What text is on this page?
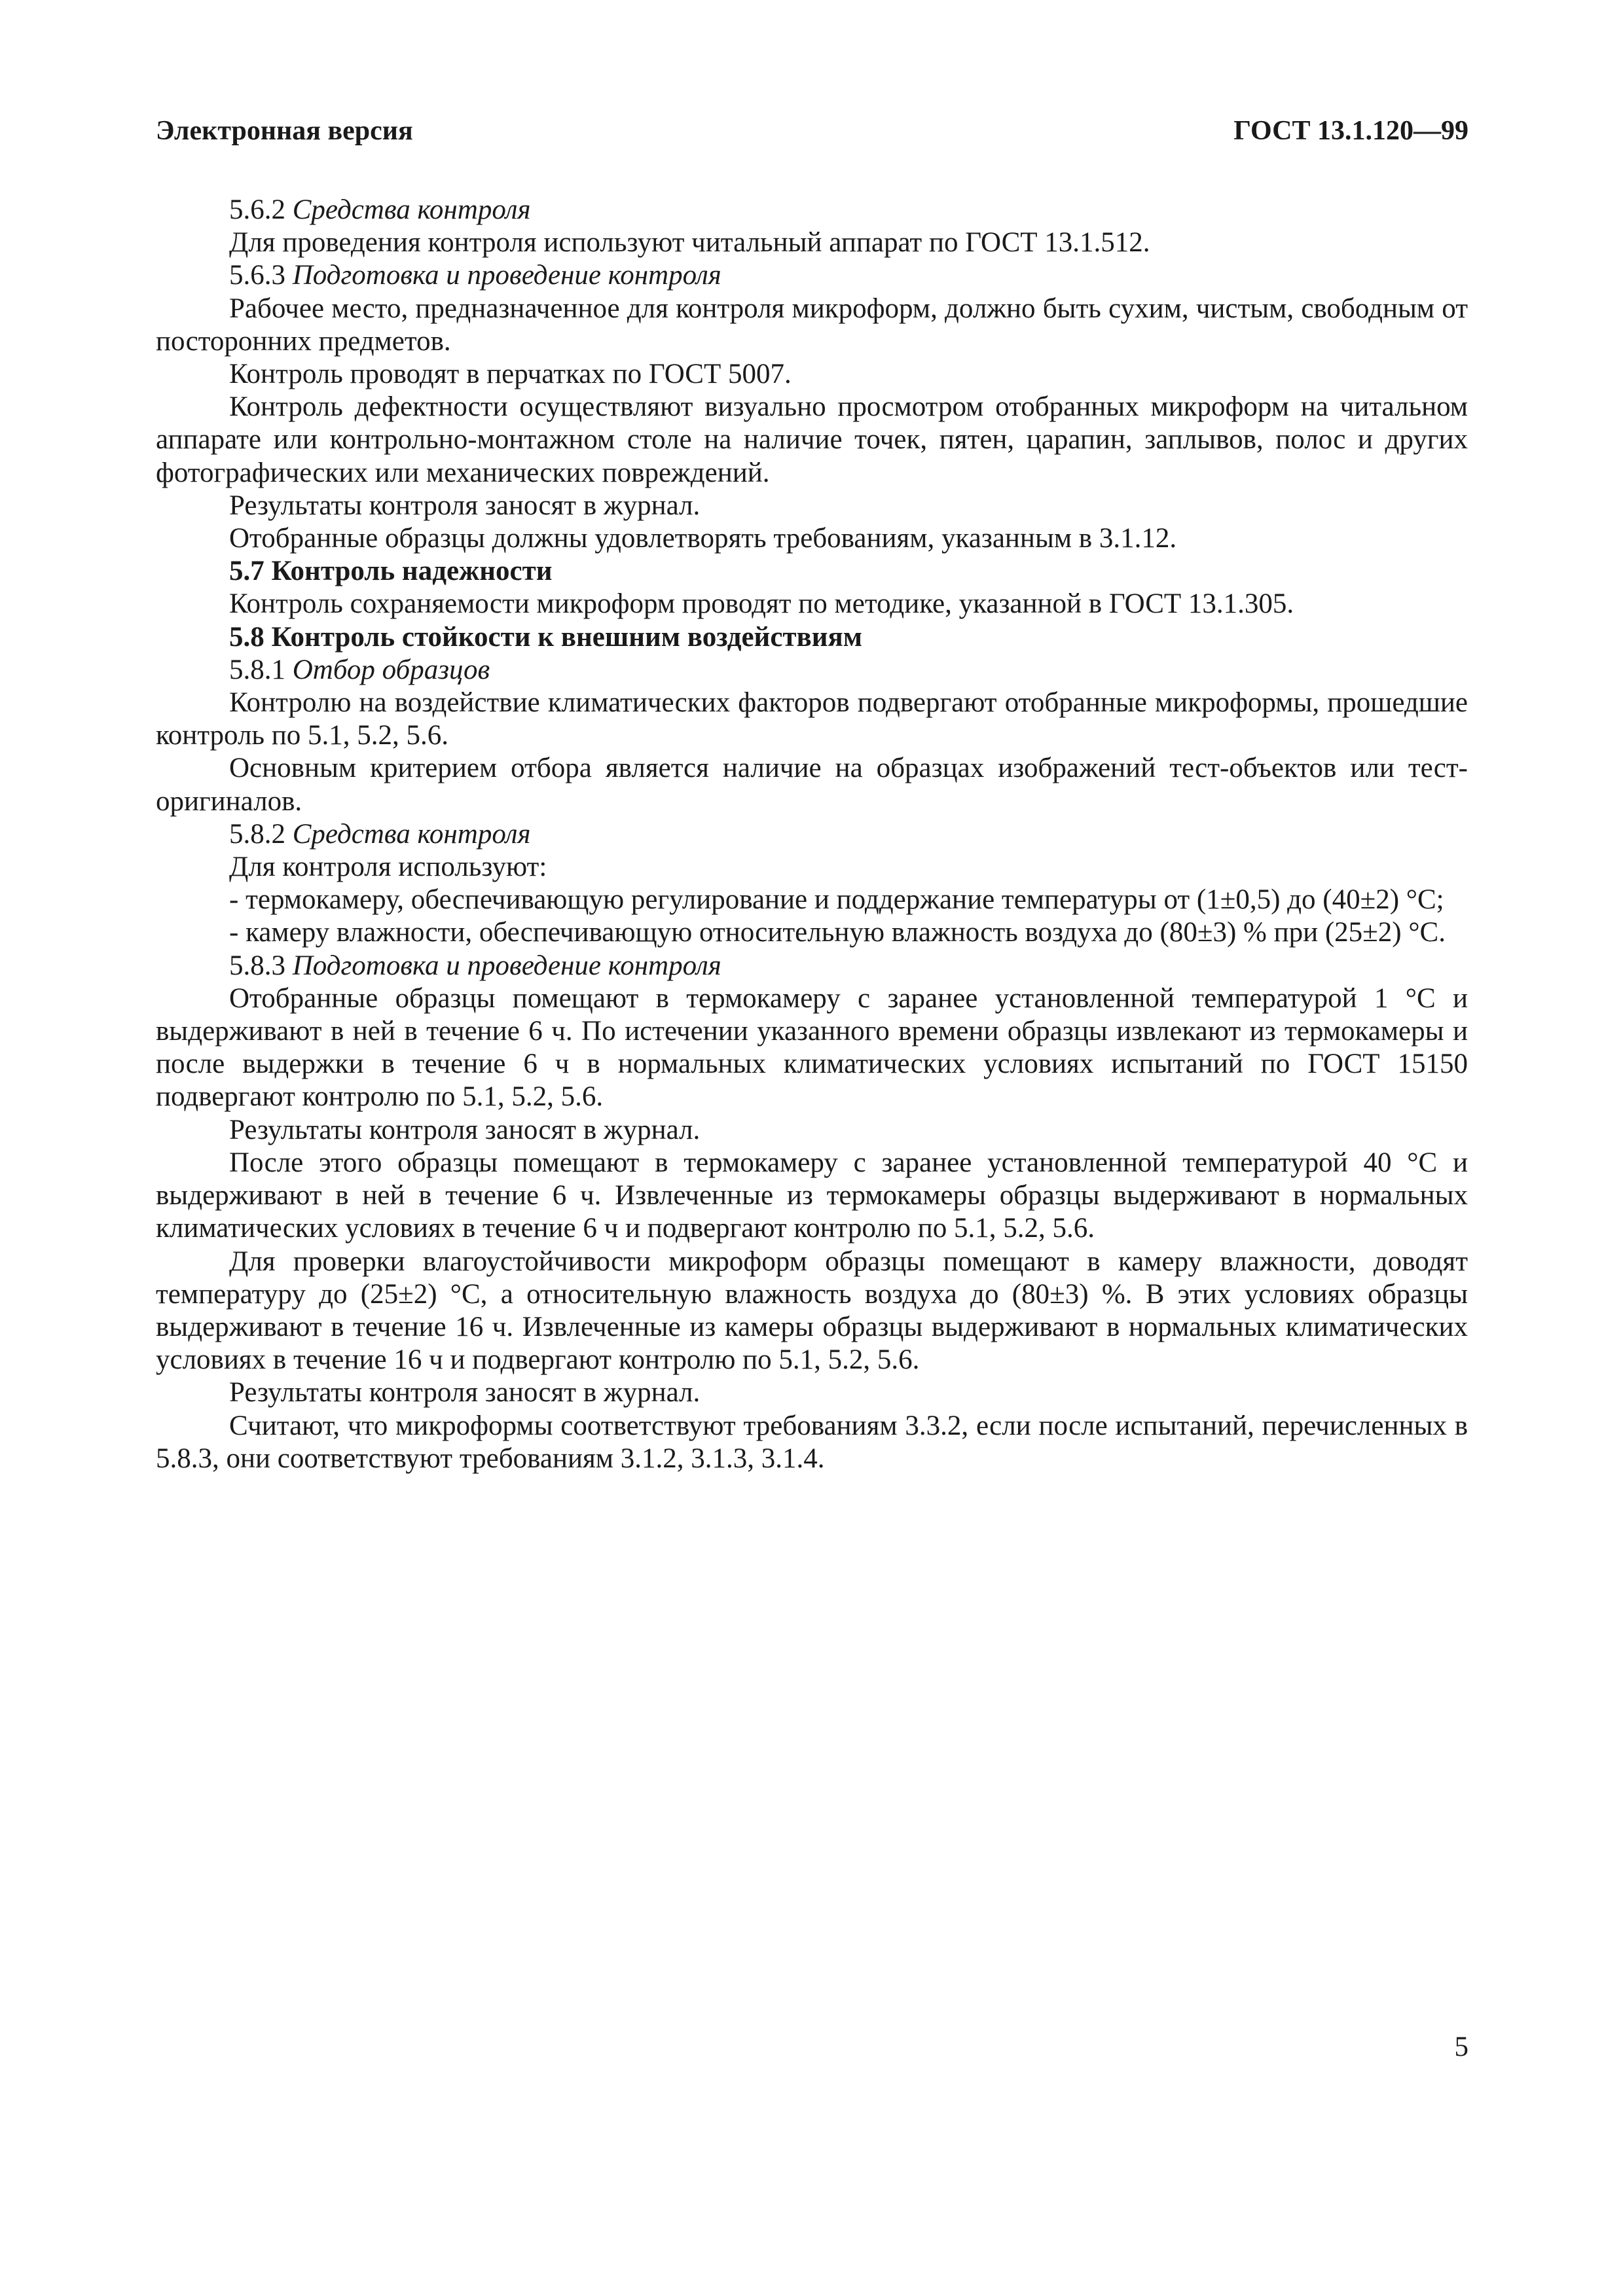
Электронная версия	ГОСТ 13.1.120—99

5.6.2 Средства контроля

Для проведения контроля используют читальный аппарат по ГОСТ 13.1.512.

5.6.3 Подготовка и проведение контроля

Рабочее место, предназначенное для контроля микроформ, должно быть сухим, чистым, свободным от посторонних предметов.

Контроль проводят в перчатках по ГОСТ 5007.

Контроль дефектности осуществляют визуально просмотром отобранных микроформ на читальном аппарате или контрольно-монтажном столе на наличие точек, пятен, царапин, заплывов, полос и других фотографических или механических повреждений.

Результаты контроля заносят в журнал.

Отобранные образцы должны удовлетворять требованиям, указанным в 3.1.12.

5.7 Контроль надежности

Контроль сохраняемости микроформ проводят по методике, указанной в ГОСТ 13.1.305.

5.8 Контроль стойкости к внешним воздействиям

5.8.1 Отбор образцов

Контролю на воздействие климатических факторов подвергают отобранные микроформы, прошедшие контроль по 5.1, 5.2, 5.6.

Основным критерием отбора является наличие на образцах изображений тест-объектов или тест-оригиналов.

5.8.2 Средства контроля

Для контроля используют:

- термокамеру, обеспечивающую регулирование и поддержание температуры от (1±0,5) до (40±2) °С;

- камеру влажности, обеспечивающую относительную влажность воздуха до (80±3) % при (25±2) °С.

5.8.3 Подготовка и проведение контроля

Отобранные образцы помещают в термокамеру с заранее установленной температурой 1 °С и выдерживают в ней в течение 6 ч. По истечении указанного времени образцы извлекают из термокамеры и после выдержки в течение 6 ч в нормальных климатических условиях испытаний по ГОСТ 15150 подвергают контролю по 5.1, 5.2, 5.6.

Результаты контроля заносят в журнал.

После этого образцы помещают в термокамеру с заранее установленной температурой 40 °С и выдерживают в ней в течение 6 ч. Извлеченные из термокамеры образцы выдерживают в нормальных климатических условиях в течение 6 ч и подвергают контролю по 5.1, 5.2, 5.6.

Для проверки влагоустойчивости микроформ образцы помещают в камеру влажности, доводят температуру до (25±2) °С, а относительную влажность воздуха до (80±3) %. В этих условиях образцы выдерживают в течение 16 ч. Извлеченные из камеры образцы выдерживают в нормальных климатических условиях в течение 16 ч и подвергают контролю по 5.1, 5.2, 5.6.

Результаты контроля заносят в журнал.

Считают, что микроформы соответствуют требованиям 3.3.2, если после испытаний, перечисленных в 5.8.3, они соответствуют требованиям 3.1.2, 3.1.3, 3.1.4.

5
